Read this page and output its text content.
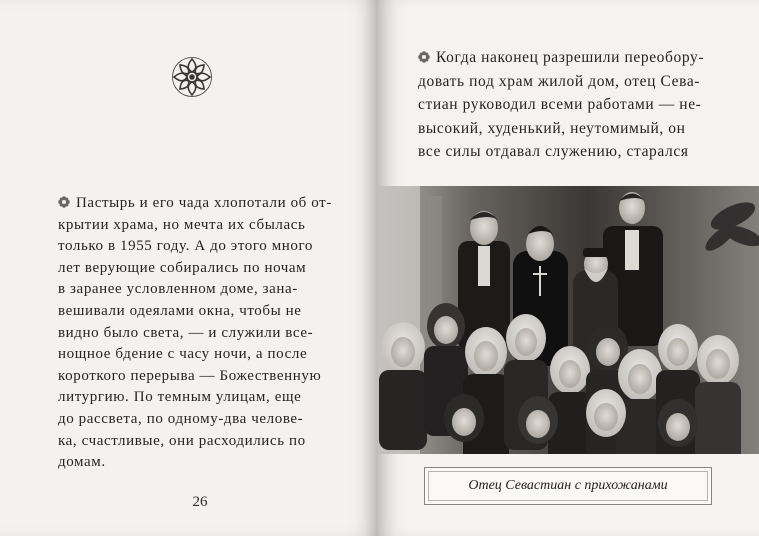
Пастырь и его чада хлопотали об от-
крытии храма, но мечта их сбылась
только в 1955 году. А до этого много
лет верующие собирались по ночам
в заранее условленном доме, зана-
вешивали одеялами окна, чтобы не
видно было света, — и служили все-
нощное бдение с часу ночи, а после
короткого перерыва — Божественную
литургию. По темным улицам, еще
до рассвета, по одному-два челове-
ка, счастливые, они расходились по
домам.
26
Когда наконец разрешили переобору-
довать под храм жилой дом, отец Сева-
стиан руководил всеми работами — не-
высокий, худенький, неутомимый, он
все силы отдавал служению, старался
Отец Севастиан с прихожанами
